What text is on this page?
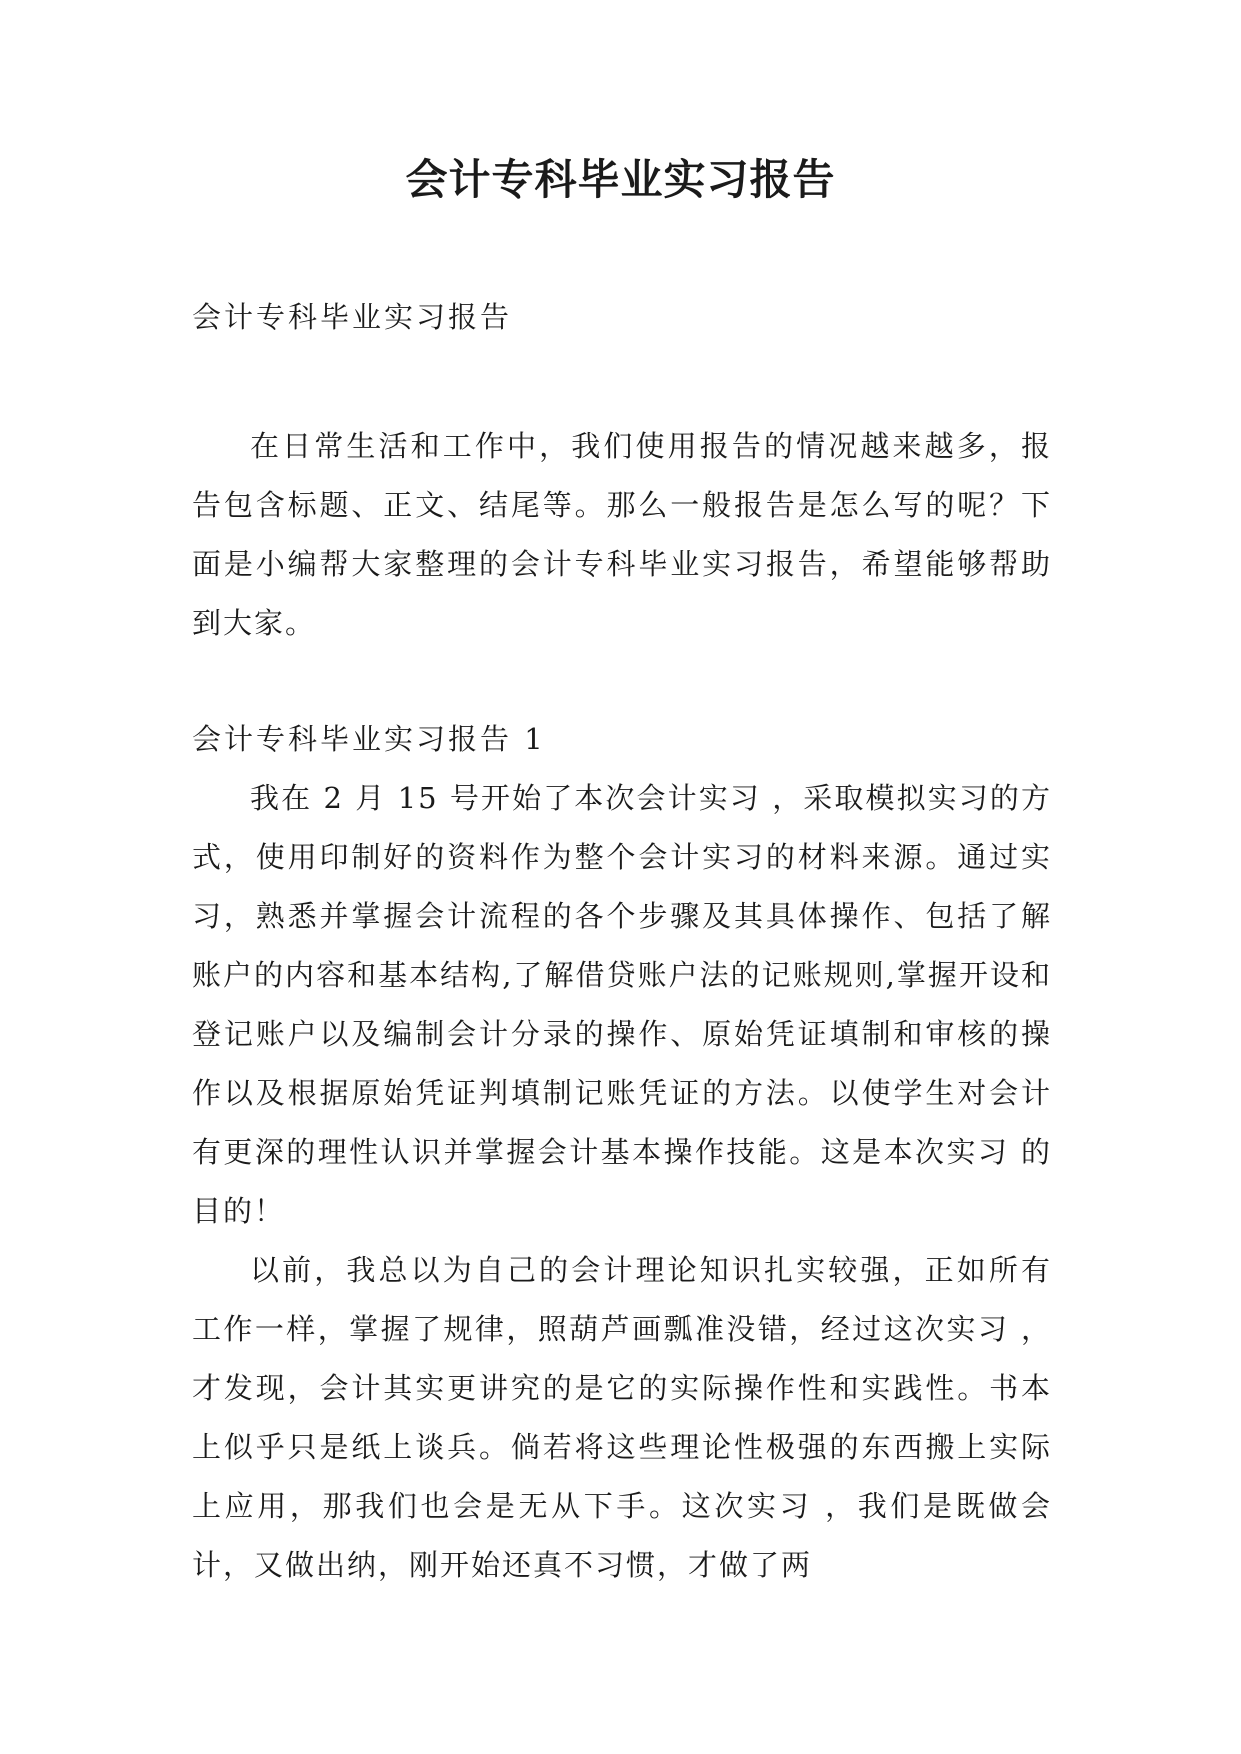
会计专科毕业实习报告

会计专科毕业实习报告

在日常生活和工作中，我们使用报告的情况越来越多，报告包含标题、正文、结尾等。那么一般报告是怎么写的呢？下面是小编帮大家整理的会计专科毕业实习报告，希望能够帮助到大家。

会计专科毕业实习报告 1

我在 2 月 15 号开始了本次会计实习 ，采取模拟实习的方式，使用印制好的资料作为整个会计实习的材料来源。通过实习，熟悉并掌握会计流程的各个步骤及其具体操作、包括了解账户的内容和基本结构,了解借贷账户法的记账规则,掌握开设和登记账户以及编制会计分录的操作、原始凭证填制和审核的操作以及根据原始凭证判填制记账凭证的方法。以使学生对会计有更深的理性认识并掌握会计基本操作技能。这是本次实习 的目的！

以前，我总以为自己的会计理论知识扎实较强，正如所有工作一样，掌握了规律，照葫芦画瓢准没错，经过这次实习 ，才发现，会计其实更讲究的是它的实际操作性和实践性。书本上似乎只是纸上谈兵。倘若将这些理论性极强的东西搬上实际上应用，那我们也会是无从下手。这次实习 ，我们是既做会计，又做出纳，刚开始还真不习惯，才做了两
